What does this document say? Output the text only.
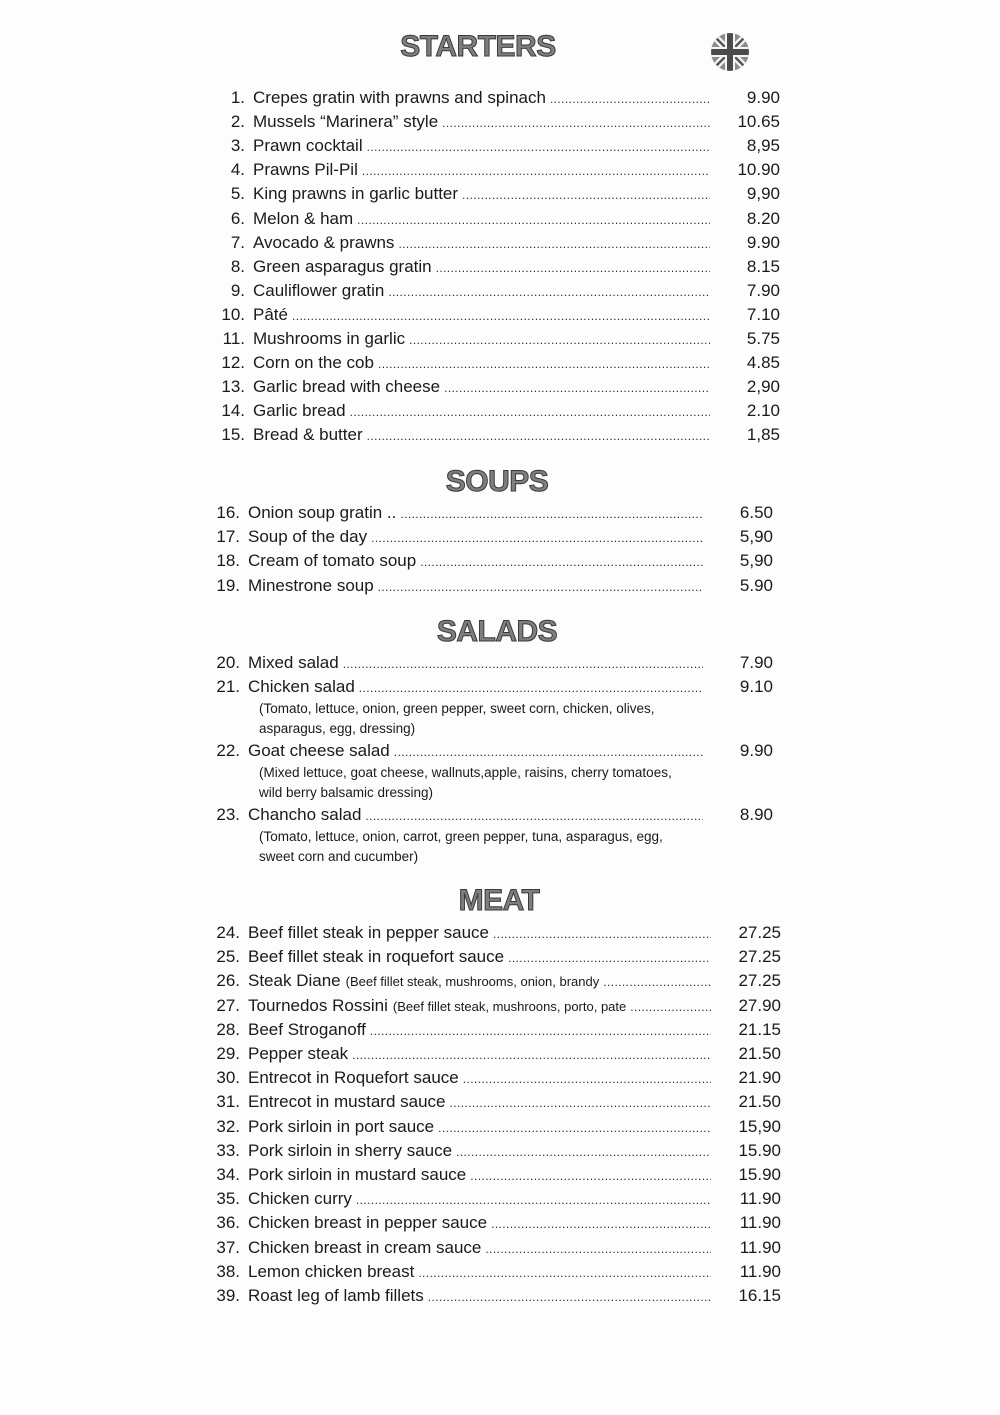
STARTERS
SOUPS
SALADS
MEAT
1. Crepes gratin with prawns and spinach .....	9.90
2. Mussels “Marinera” style .....	10.65
3. Prawn cocktail .....	8,95
4. Prawns Pil-Pil .....	10.90
5. King prawns in garlic butter .....	9,90
6. Melon & ham .....	8.20
7. Avocado & prawns .....	9.90
8. Green asparagus gratin .....	8.15
9. Cauliflower gratin .....	7.90
10. Pâté .....	7.10
11. Mushrooms in garlic .....	5.75
12. Corn on the cob .....	4.85
13. Garlic bread with cheese .....	2,90
14. Garlic bread .....	2.10
15. Bread & butter .....	1,85
16. Onion soup gratin .. .....	6.50
17. Soup of the day .....	5,90
18. Cream of tomato soup .....	5,90
19. Minestrone soup .....	5.90
20. Mixed salad .....	7.90
21. Chicken salad .....	9.10
(Tomato, lettuce, onion, green pepper, sweet corn, chicken, olives,
asparagus, egg, dressing)
22. Goat cheese salad .....	9.90
(Mixed lettuce, goat cheese, wallnuts,apple, raisins, cherry tomatoes,
wild berry balsamic dressing)
23. Chancho salad .....	8.90
(Tomato, lettuce, onion, carrot, green pepper, tuna, asparagus, egg,
sweet corn and cucumber)
24. Beef fillet steak in pepper sauce .....	27.25
25. Beef fillet steak in roquefort sauce .....	27.25
26. Steak Diane (Beef fillet steak, mushrooms, onion, brandy .....	27.25
27. Tournedos Rossini (Beef fillet steak, mushroons, porto, pate .....	27.90
28. Beef Stroganoff .....	21.15
29. Pepper steak .....	21.50
30. Entrecot in Roquefort sauce .....	21.90
31. Entrecot in mustard sauce .....	21.50
32. Pork sirloin in port sauce .....	15,90
33. Pork sirloin in sherry sauce .....	15.90
34. Pork sirloin in mustard sauce .....	15.90
35. Chicken curry .....	11.90
36. Chicken breast in pepper sauce .....	11.90
37. Chicken breast in cream sauce .....	11.90
38. Lemon chicken breast .....	11.90
39. Roast leg of lamb fillets .....	16.15
